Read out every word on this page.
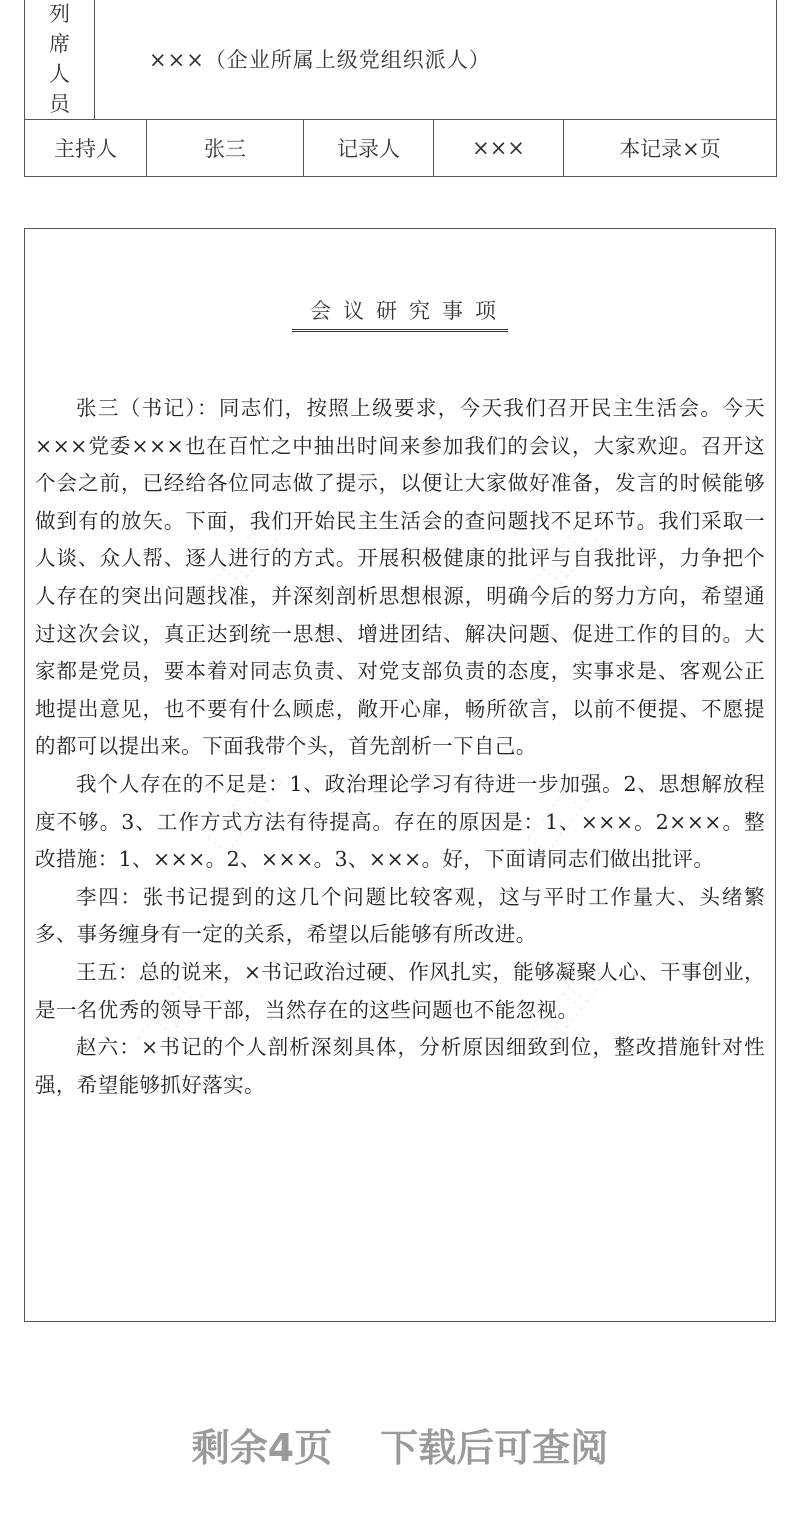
列
席
人
员	×××（企业所属上级党组织派人）				
主持人		张三	记录人	×××	本记录×页
会议研究事项

张三（书记）：同志们，按照上级要求，今天我们召开民主生活会。今天×××党委×××也在百忙之中抽出时间来参加我们的会议，大家欢迎。召开这个会之前，已经给各位同志做了提示，以便让大家做好准备，发言的时候能够做到有的放矢。下面，我们开始民主生活会的查问题找不足环节。我们采取一人谈、众人帮、逐人进行的方式。开展积极健康的批评与自我批评，力争把个人存在的突出问题找准，并深刻剖析思想根源，明确今后的努力方向，希望通过这次会议，真正达到统一思想、增进团结、解决问题、促进工作的目的。大家都是党员，要本着对同志负责、对党支部负责的态度，实事求是、客观公正地提出意见，也不要有什么顾虑，敞开心扉，畅所欲言，以前不便提、不愿提的都可以提出来。下面我带个头，首先剖析一下自己。

我个人存在的不足是：1、政治理论学习有待进一步加强。2、思想解放程度不够。3、工作方式方法有待提高。存在的原因是：1、×××。2×××。整改措施：1、×××。2、×××。3、×××。好，下面请同志们做出批评。

李四：张书记提到的这几个问题比较客观，这与平时工作量大、头绪繁多、事务缠身有一定的关系，希望以后能够有所改进。

王五：总的说来，×书记政治过硬、作风扎实，能够凝聚人心、干事创业，是一名优秀的领导干部，当然存在的这些问题也不能忽视。

赵六：×书记的个人剖析深刻具体，分析原因细致到位，整改措施针对性强，希望能够抓好落实。

⬚⬚⬚	⬚⬚⬚
⬚⬚⬚	⬚⬚⬚
⬚⬚⬚	⬚⬚⬚
剩余4页 下载后可查阅
